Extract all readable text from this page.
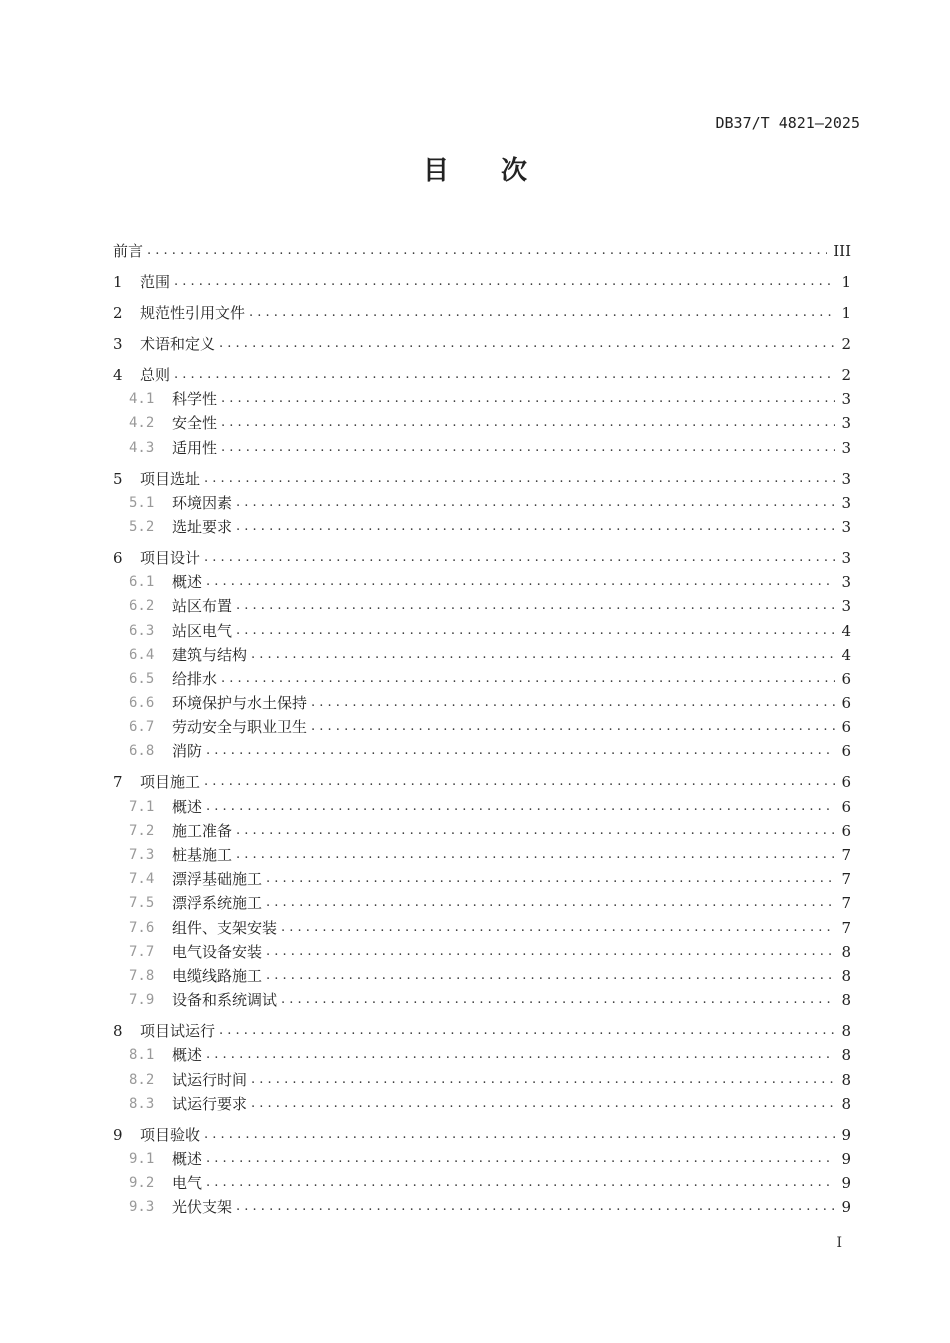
DB37/T 4821—2025
目次
前言 . . .	III
1	范围 . . .	1
2	规范性引用文件 . . .	1
3	术语和定义 . . .	2
4	总则 . . .	2
4.1	科学性 . . .	3
4.2	安全性 . . .	3
4.3	适用性 . . .	3
5	项目选址 . . .	3
5.1	环境因素 . . .	3
5.2	选址要求 . . .	3
6	项目设计 . . .	3
6.1	概述 . . .	3
6.2	站区布置 . . .	3
6.3	站区电气 . . .	4
6.4	建筑与结构 . . .	4
6.5	给排水 . . .	6
6.6	环境保护与水土保持 . . .	6
6.7	劳动安全与职业卫生 . . .	6
6.8	消防 . . .	6
7	项目施工 . . .	6
7.1	概述 . . .	6
7.2	施工准备 . . .	6
7.3	桩基施工 . . .	7
7.4	漂浮基础施工 . . .	7
7.5	漂浮系统施工 . . .	7
7.6	组件、支架安装 . . .	7
7.7	电气设备安装 . . .	8
7.8	电缆线路施工 . . .	8
7.9	设备和系统调试 . . .	8
8	项目试运行 . . .	8
8.1	概述 . . .	8
8.2	试运行时间 . . .	8
8.3	试运行要求 . . .	8
9	项目验收 . . .	9
9.1	概述 . . .	9
9.2	电气 . . .	9
9.3	光伏支架 . . .	9
I
